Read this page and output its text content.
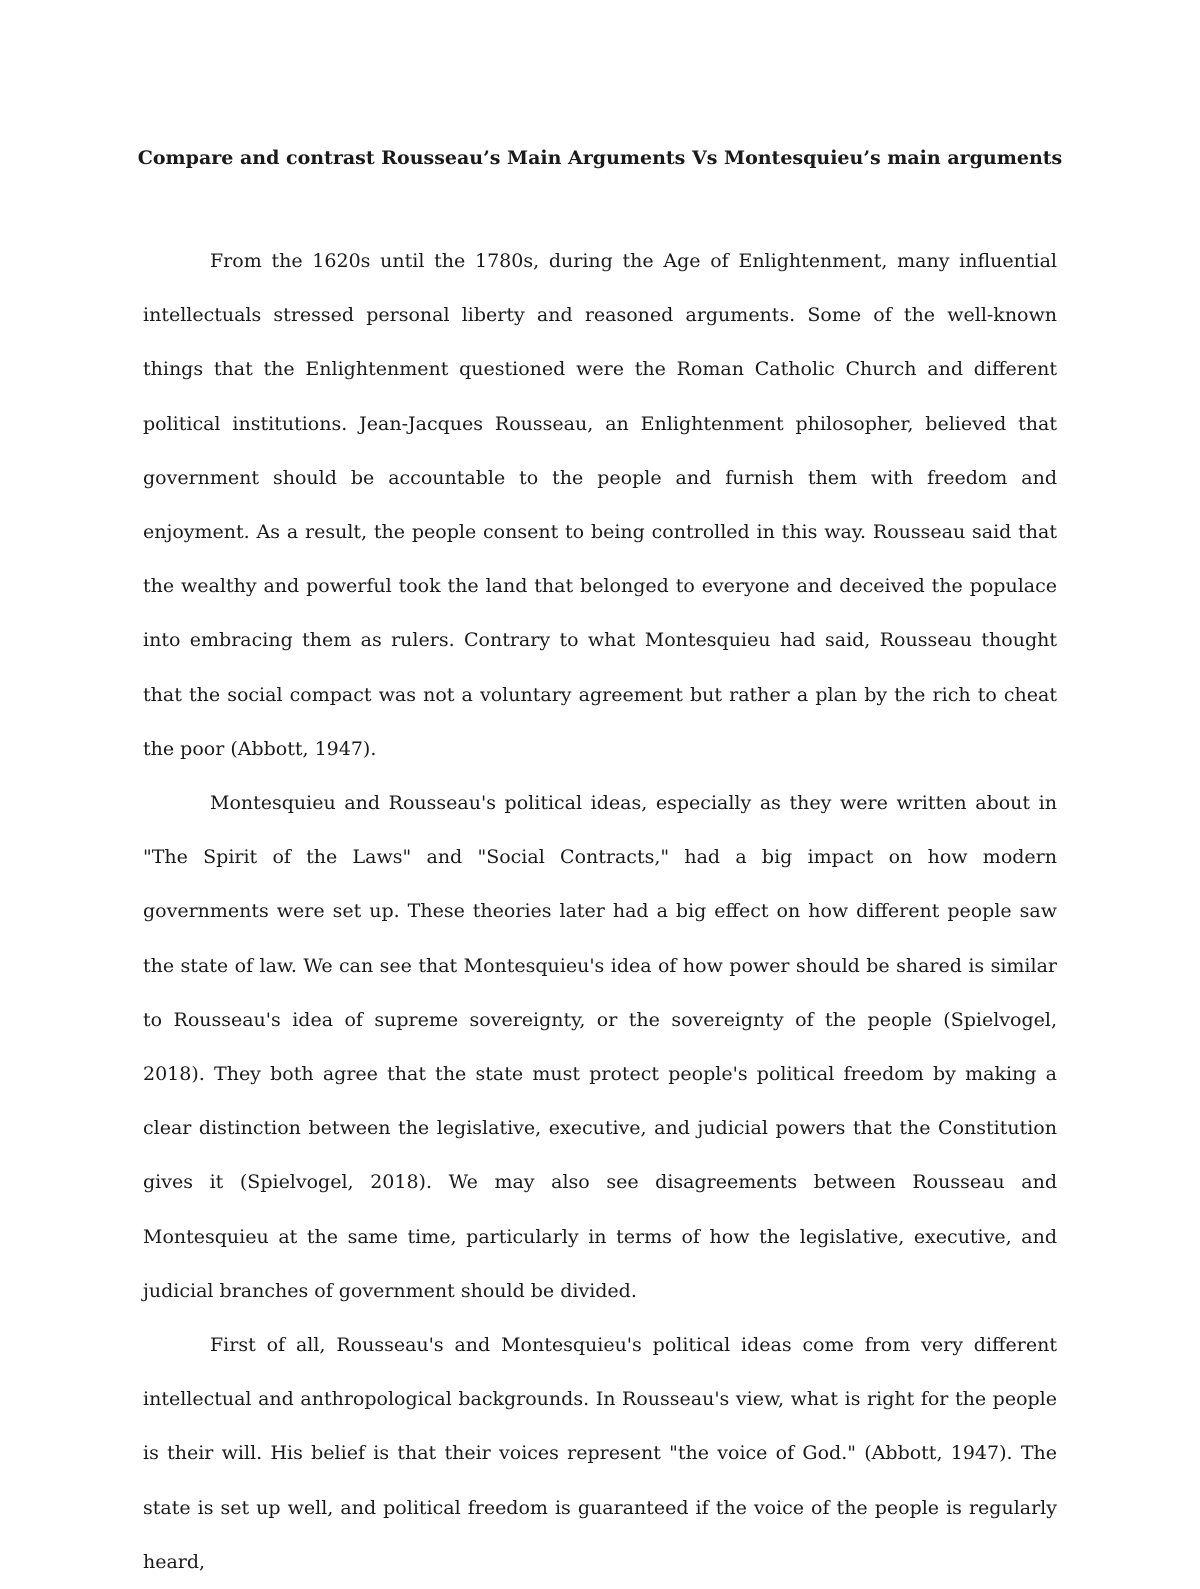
Compare and contrast Rousseau’s Main Arguments Vs Montesquieu’s main arguments

From the 1620s until the 1780s, during the Age of Enlightenment, many influential intellectuals stressed personal liberty and reasoned arguments. Some of the well-known things that the Enlightenment questioned were the Roman Catholic Church and different political institutions. Jean-Jacques Rousseau, an Enlightenment philosopher, believed that government should be accountable to the people and furnish them with freedom and enjoyment. As a result, the people consent to being controlled in this way. Rousseau said that the wealthy and powerful took the land that belonged to everyone and deceived the populace into embracing them as rulers. Contrary to what Montesquieu had said, Rousseau thought that the social compact was not a voluntary agreement but rather a plan by the rich to cheat the poor (Abbott, 1947).

Montesquieu and Rousseau's political ideas, especially as they were written about in "The Spirit of the Laws" and "Social Contracts," had a big impact on how modern governments were set up. These theories later had a big effect on how different people saw the state of law. We can see that Montesquieu's idea of how power should be shared is similar to Rousseau's idea of supreme sovereignty, or the sovereignty of the people (Spielvogel, 2018). They both agree that the state must protect people's political freedom by making a clear distinction between the legislative, executive, and judicial powers that the Constitution gives it (Spielvogel, 2018). We may also see disagreements between Rousseau and Montesquieu at the same time, particularly in terms of how the legislative, executive, and judicial branches of government should be divided.

First of all, Rousseau's and Montesquieu's political ideas come from very different intellectual and anthropological backgrounds. In Rousseau's view, what is right for the people is their will. His belief is that their voices represent "the voice of God." (Abbott, 1947). The state is set up well, and political freedom is guaranteed if the voice of the people is regularly heard,
